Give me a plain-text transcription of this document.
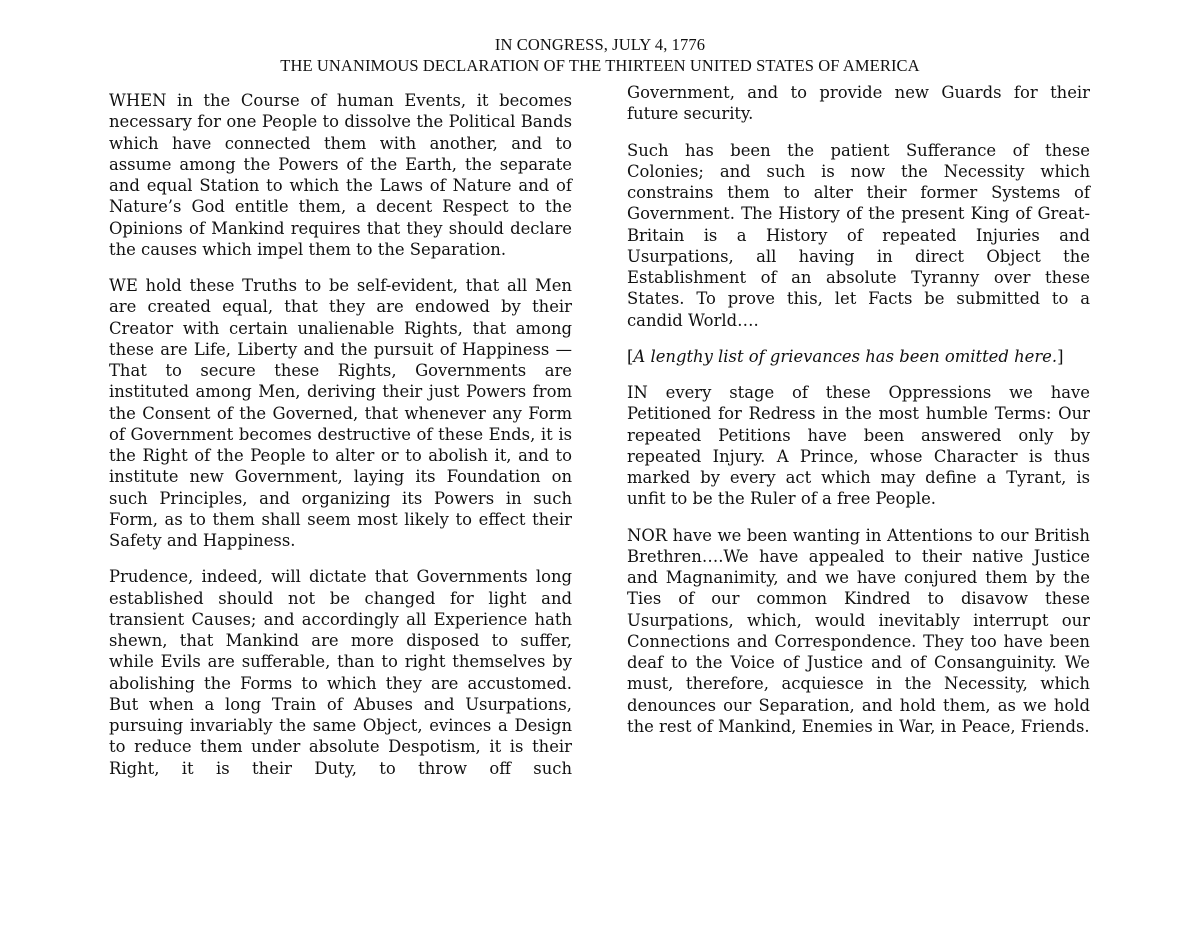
IN CONGRESS, JULY 4, 1776
THE UNANIMOUS DECLARATION OF THE THIRTEEN UNITED STATES OF AMERICA

WHEN in the Course of human Events, it becomes necessary for one People to dissolve the Political Bands which have connected them with another, and to assume among the Powers of the Earth, the separate and equal Station to which the Laws of Nature and of Nature’s God entitle them, a decent Respect to the Opinions of Mankind requires that they should declare the causes which impel them to the Separation.

WE hold these Truths to be self-evident, that all Men are created equal, that they are endowed by their Creator with certain unalienable Rights, that among these are Life, Liberty and the pursuit of Happiness — That to secure these Rights, Governments are instituted among Men, deriving their just Powers from the Consent of the Governed, that whenever any Form of Government becomes destructive of these Ends, it is the Right of the People to alter or to abolish it, and to institute new Government, laying its Foundation on such Principles, and organizing its Powers in such Form, as to them shall seem most likely to effect their Safety and Happiness.

Prudence, indeed, will dictate that Governments long established should not be changed for light and transient Causes; and accordingly all Experience hath shewn, that Mankind are more disposed to suffer, while Evils are sufferable, than to right themselves by abolishing the Forms to which they are accustomed. But when a long Train of Abuses and Usurpations, pursuing invariably the same Object, evinces a Design to reduce them under absolute Despotism, it is their Right, it is their Duty, to throw off such

Government, and to provide new Guards for their future security.

Such has been the patient Sufferance of these Colonies; and such is now the Necessity which constrains them to alter their former Systems of Government. The History of the present King of Great-Britain is a History of repeated Injuries and Usurpations, all having in direct Object the Establishment of an absolute Tyranny over these States. To prove this, let Facts be submitted to a candid World….

[A lengthy list of grievances has been omitted here.]

IN every stage of these Oppressions we have Petitioned for Redress in the most humble Terms: Our repeated Petitions have been answered only by repeated Injury. A Prince, whose Character is thus marked by every act which may define a Tyrant, is unfit to be the Ruler of a free People.

NOR have we been wanting in Attentions to our British Brethren….We have appealed to their native Justice and Magnanimity, and we have conjured them by the Ties of our common Kindred to disavow these Usurpations, which, would inevitably interrupt our Connections and Correspondence. They too have been deaf to the Voice of Justice and of Consanguinity. We must, therefore, acquiesce in the Necessity, which denounces our Separation, and hold them, as we hold the rest of Mankind, Enemies in War, in Peace, Friends.
